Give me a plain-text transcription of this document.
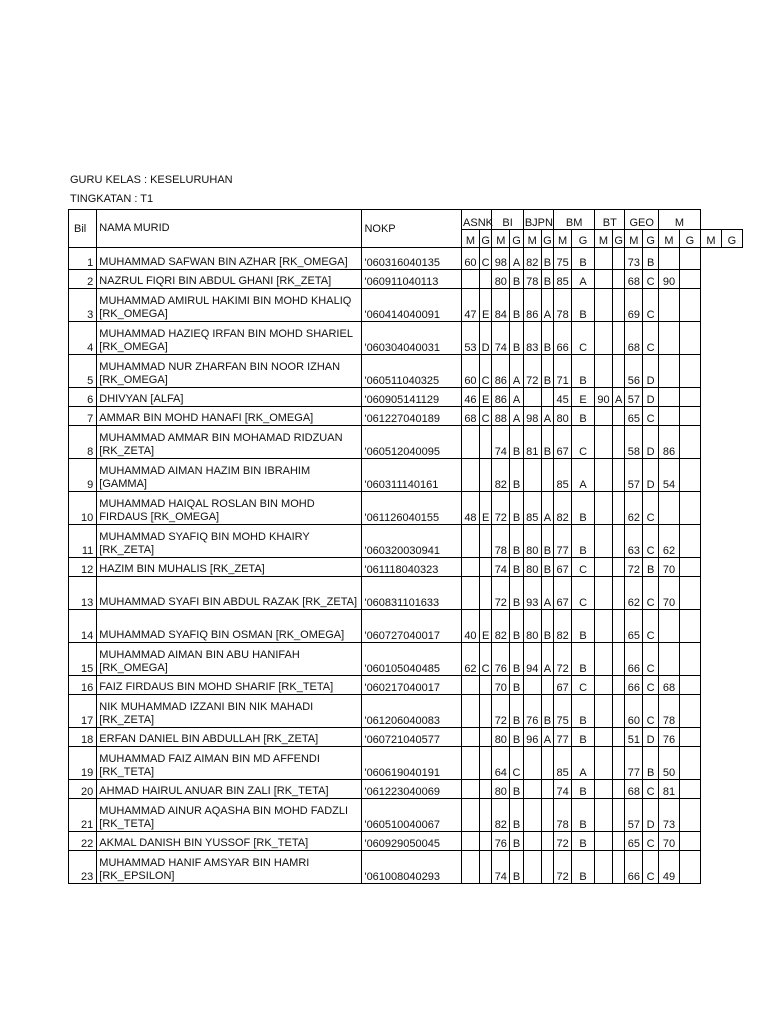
GURU KELAS : KESELURUHAN
TINGKATAN : T1
Bil	NAMA MURID	NOKP	ASNK		BI		BJPN		BM		BT		GEO		M			
			M	G	M	G	M	G	M	G	M	G	M	G	M	G	M	G
1	MUHAMMAD SAFWAN BIN AZHAR [RK_OMEGA]	'060316040135	60	C	98	A	82	B	75	B			73	B				
2	NAZRUL FIQRI BIN ABDUL GHANI [RK_ZETA]	'060911040113			80	B	78	B	85	A			68	C	90			
3	MUHAMMAD AMIRUL HAKIMI BIN MOHD KHALIQ [RK_OMEGA]	'060414040091	47	E	84	B	86	A	78	B			69	C				
4	MUHAMMAD HAZIEQ IRFAN BIN MOHD SHARIEL [RK_OMEGA]	'060304040031	53	D	74	B	83	B	66	C			68	C				
5	MUHAMMAD NUR ZHARFAN BIN NOOR IZHAN [RK_OMEGA]	'060511040325	60	C	86	A	72	B	71	B			56	D				
6	DHIVYAN [ALFA]	'060905141129	46	E	86	A			45	E	90	A	57	D				
7	AMMAR BIN MOHD HANAFI [RK_OMEGA]	'061227040189	68	C	88	A	98	A	80	B			65	C				
8	MUHAMMAD AMMAR BIN MOHAMAD RIDZUAN [RK_ZETA]	'060512040095			74	B	81	B	67	C			58	D	86			
9	MUHAMMAD AIMAN HAZIM BIN IBRAHIM [GAMMA]	'060311140161			82	B			85	A			57	D	54			
10	MUHAMMAD HAIQAL ROSLAN BIN MOHD FIRDAUS [RK_OMEGA]	'061126040155	48	E	72	B	85	A	82	B			62	C				
11	MUHAMMAD SYAFIQ BIN MOHD KHAIRY [RK_ZETA]	'060320030941			78	B	80	B	77	B			63	C	62			
12	HAZIM BIN MUHALIS [RK_ZETA]	'061118040323			74	B	80	B	67	C			72	B	70			
13	MUHAMMAD SYAFI BIN ABDUL RAZAK [RK_ZETA]	'060831101633			72	B	93	A	67	C			62	C	70			
14	MUHAMMAD SYAFIQ BIN OSMAN [RK_OMEGA]	'060727040017	40	E	82	B	80	B	82	B			65	C				
15	MUHAMMAD AIMAN BIN ABU HANIFAH [RK_OMEGA]	'060105040485	62	C	76	B	94	A	72	B			66	C				
16	FAIZ FIRDAUS BIN MOHD SHARIF [RK_TETA]	'060217040017			70	B			67	C			66	C	68			
17	NIK MUHAMMAD IZZANI BIN NIK MAHADI [RK_ZETA]	'061206040083			72	B	76	B	75	B			60	C	78			
18	ERFAN DANIEL BIN ABDULLAH [RK_ZETA]	'060721040577			80	B	96	A	77	B			51	D	76			
19	MUHAMMAD FAIZ AIMAN BIN MD AFFENDI [RK_TETA]	'060619040191			64	C			85	A			77	B	50			
20	AHMAD HAIRUL ANUAR BIN ZALI [RK_TETA]	'061223040069			80	B			74	B			68	C	81			
21	MUHAMMAD AINUR AQASHA BIN MOHD FADZLI [RK_TETA]	'060510040067			82	B			78	B			57	D	73			
22	AKMAL DANISH BIN YUSSOF [RK_TETA]	'060929050045			76	B			72	B			65	C	70			
23	MUHAMMAD HANIF AMSYAR BIN HAMRI [RK_EPSILON]	'061008040293			74	B			72	B			66	C	49			
